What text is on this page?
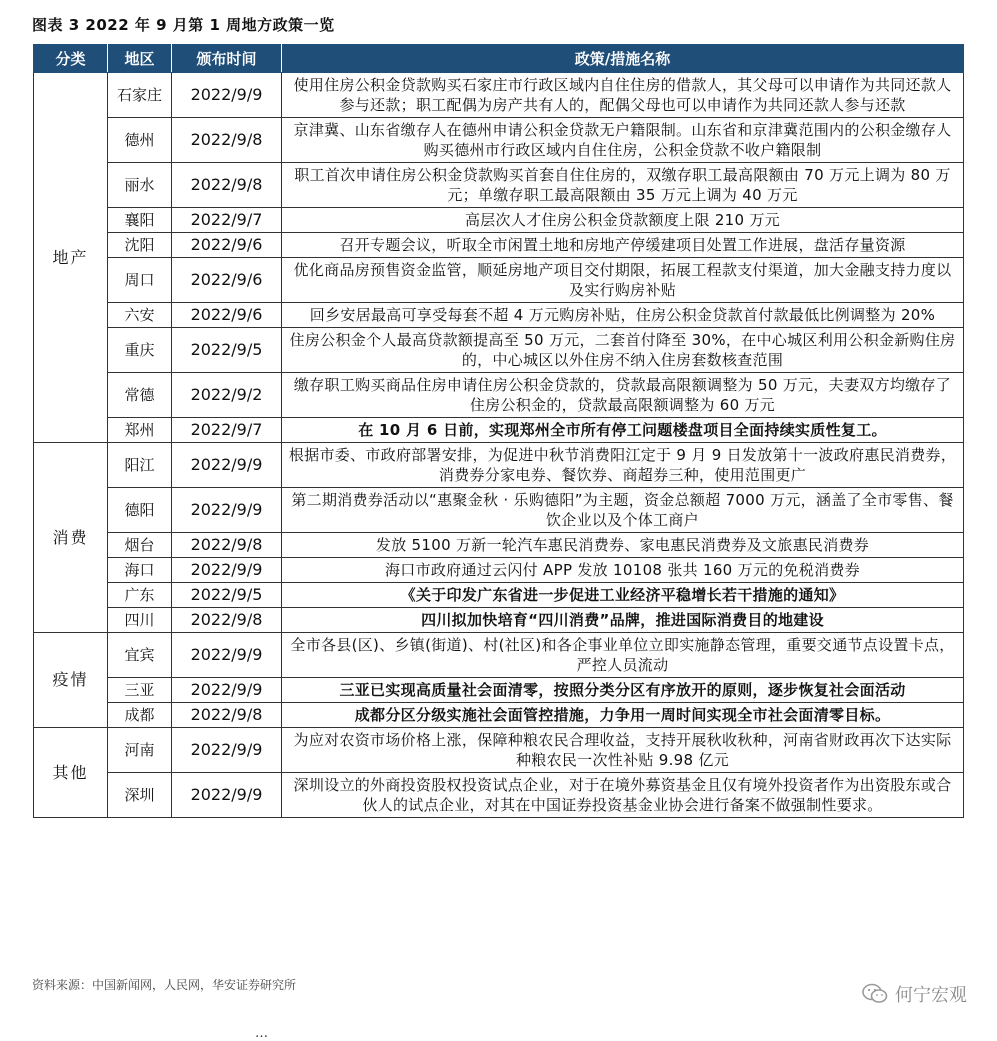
图表 3 2022 年 9 月第 1 周地方政策一览
分类	地区	颁布时间	政策/措施名称
地产	石家庄	2022/9/9	使用住房公积金贷款购买石家庄市行政区域内自住住房的借款人，其父母可以申请作为共同还款人参与还款；职工配偶为房产共有人的，配偶父母也可以申请作为共同还款人参与还款
	德州	2022/9/8	京津冀、山东省缴存人在德州申请公积金贷款无户籍限制。山东省和京津冀范围内的公积金缴存人购买德州市行政区域内自住住房，公积金贷款不收户籍限制
	丽水	2022/9/8	职工首次申请住房公积金贷款购买首套自住住房的，双缴存职工最高限额由 70 万元上调为 80 万元；单缴存职工最高限额由 35 万元上调为 40 万元
	襄阳	2022/9/7	高层次人才住房公积金贷款额度上限 210 万元
	沈阳	2022/9/6	召开专题会议，听取全市闲置土地和房地产停缓建项目处置工作进展，盘活存量资源
	周口	2022/9/6	优化商品房预售资金监管，顺延房地产项目交付期限，拓展工程款支付渠道，加大金融支持力度以及实行购房补贴
	六安	2022/9/6	回乡安居最高可享受每套不超 4 万元购房补贴，住房公积金贷款首付款最低比例调整为 20%
	重庆	2022/9/5	住房公积金个人最高贷款额提高至 50 万元，二套首付降至 30%，在中心城区利用公积金新购住房的，中心城区以外住房不纳入住房套数核查范围
	常德	2022/9/2	缴存职工购买商品住房申请住房公积金贷款的，贷款最高限额调整为 50 万元，夫妻双方均缴存了住房公积金的，贷款最高限额调整为 60 万元
	郑州	2022/9/7	在 10 月 6 日前，实现郑州全市所有停工问题楼盘项目全面持续实质性复工。
消费	阳江	2022/9/9	根据市委、市政府部署安排，为促进中秋节消费阳江定于 9 月 9 日发放第十一波政府惠民消费券，消费券分家电券、餐饮券、商超券三种，使用范围更广
	德阳	2022/9/9	第二期消费券活动以“惠聚金秋 · 乐购德阳”为主题，资金总额超 7000 万元，涵盖了全市零售、餐饮企业以及个体工商户
	烟台	2022/9/8	发放 5100 万新一轮汽车惠民消费券、家电惠民消费券及文旅惠民消费券
	海口	2022/9/9	海口市政府通过云闪付 APP 发放 10108 张共 160 万元的免税消费券
	广东	2022/9/5	《关于印发广东省进一步促进工业经济平稳增长若干措施的通知》
	四川	2022/9/8	四川拟加快培育“四川消费”品牌，推进国际消费目的地建设
疫情	宜宾	2022/9/9	全市各县(区)、乡镇(街道)、村(社区)和各企事业单位立即实施静态管理，重要交通节点设置卡点，严控人员流动
	三亚	2022/9/9	三亚已实现高质量社会面清零，按照分类分区有序放开的原则，逐步恢复社会面活动
	成都	2022/9/8	成都分区分级实施社会面管控措施，力争用一周时间实现全市社会面清零目标。
其他	河南	2022/9/9	为应对农资市场价格上涨，保障种粮农民合理收益，支持开展秋收秋种，河南省财政再次下达实际种粮农民一次性补贴 9.98 亿元
	深圳	2022/9/9	深圳设立的外商投资股权投资试点企业，对于在境外募资基金且仅有境外投资者作为出资股东或合伙人的试点企业，对其在中国证券投资基金业协会进行备案不做强制性要求。
资料来源：中国新闻网，人民网，华安证券研究所	何宁宏观
…
